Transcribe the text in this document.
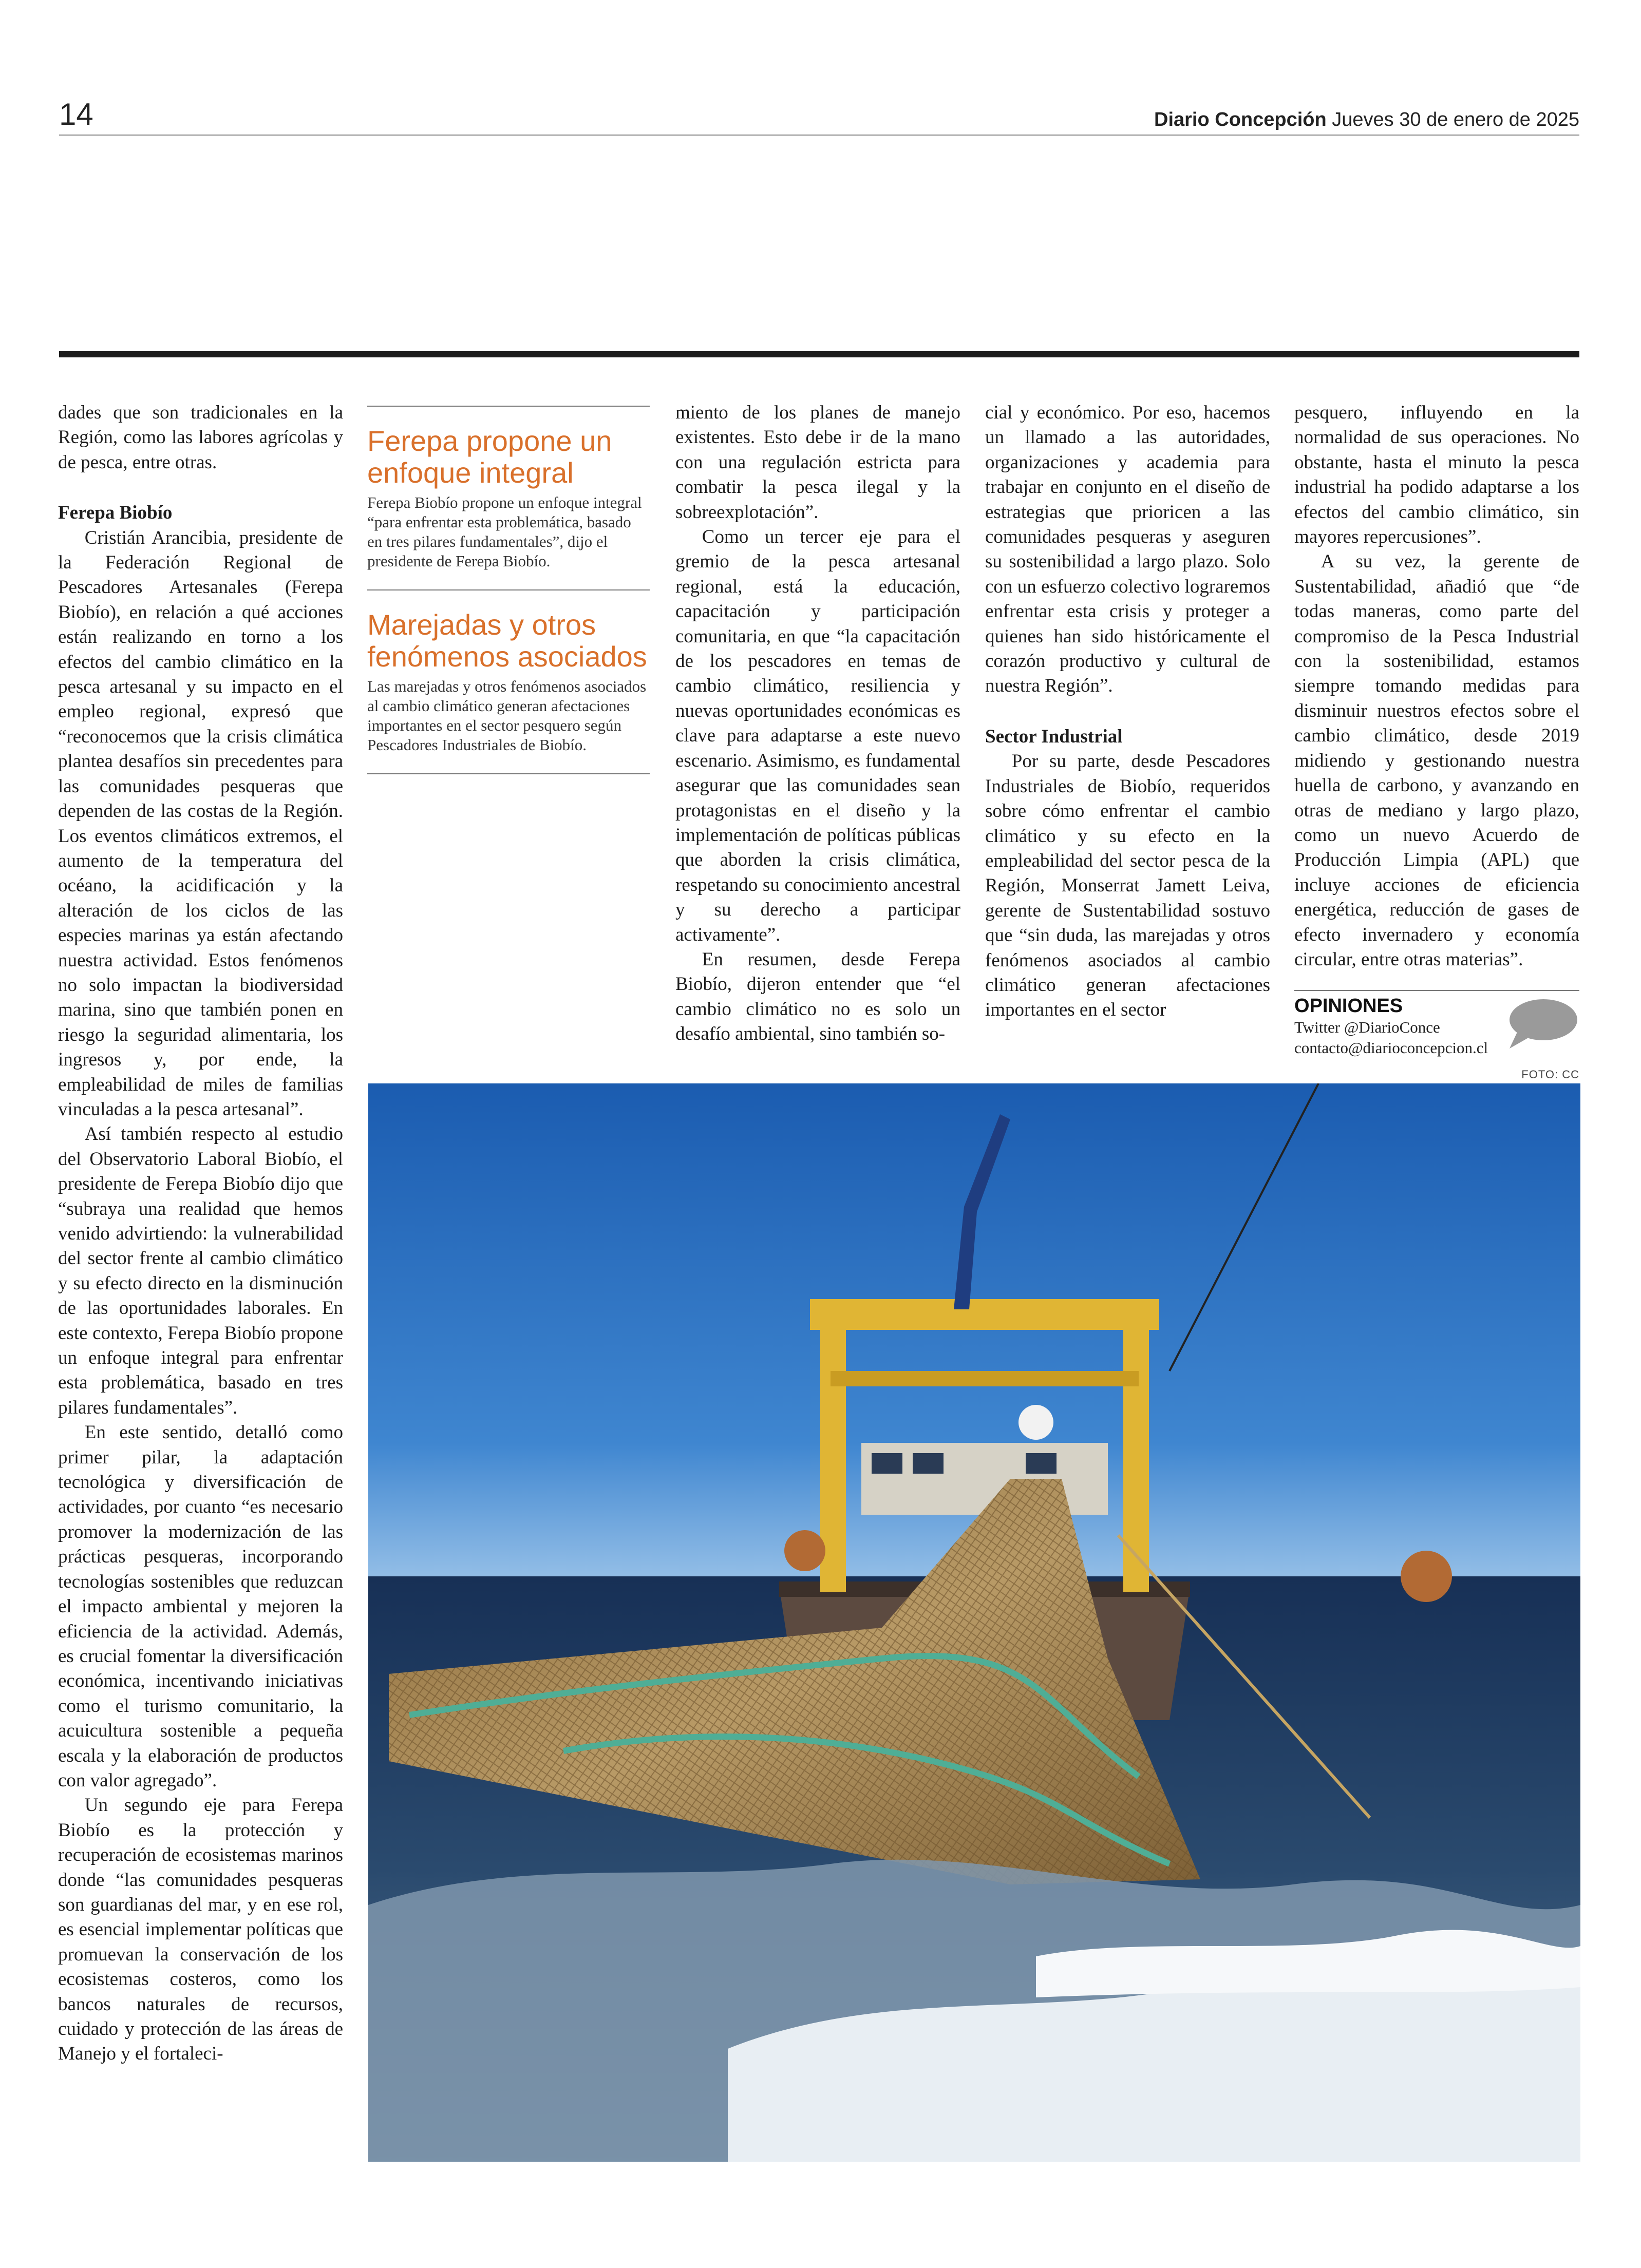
14	Diario Concepción Jueves 30 de enero de 2025

dades que son tradicionales en la Región, como las labores agrícolas y de pesca, entre otras.

Ferepa Biobío

Cristián Arancibia, presidente de la Federación Regional de Pescadores Artesanales (Ferepa Biobío), en relación a qué acciones están realizando en torno a los efectos del cambio climático en la pesca artesanal y su impacto en el empleo regional, expresó que “reconocemos que la crisis climática plantea desafíos sin precedentes para las comunidades pesqueras que dependen de las costas de la Región. Los eventos climáticos extremos, el aumento de la temperatura del océano, la acidificación y la alteración de los ciclos de las especies marinas ya están afectando nuestra actividad. Estos fenómenos no solo impactan la biodiversidad marina, sino que también ponen en riesgo la seguridad alimentaria, los ingresos y, por ende, la empleabilidad de miles de familias vinculadas a la pesca artesanal”.

Así también respecto al estudio del Observatorio Laboral Biobío, el presidente de Ferepa Biobío dijo que “subraya una realidad que hemos venido advirtiendo: la vulnerabilidad del sector frente al cambio climático y su efecto directo en la disminución de las oportunidades laborales. En este contexto, Ferepa Biobío propone un enfoque integral para enfrentar esta problemática, basado en tres pilares fundamentales”.

En este sentido, detalló como primer pilar, la adaptación tecnológica y diversificación de actividades, por cuanto “es necesario promover la modernización de las prácticas pesqueras, incorporando tecnologías sostenibles que reduzcan el impacto ambiental y mejoren la eficiencia de la actividad. Además, es crucial fomentar la diversificación económica, incentivando iniciativas como el turismo comunitario, la acuicultura sostenible a pequeña escala y la elaboración de productos con valor agregado”.

Un segundo eje para Ferepa Biobío es la protección y recuperación de ecosistemas marinos donde “las comunidades pesqueras son guardianas del mar, y en ese rol, es esencial implementar políticas que promuevan la conservación de los ecosistemas costeros, como los bancos naturales de recursos, cuidado y protección de las áreas de Manejo y el fortaleci-

Ferepa propone un enfoque integral
Ferepa Biobío propone un enfoque integral “para enfrentar esta problemática, basado en tres pilares fundamentales”, dijo el presidente de Ferepa Biobío.
Marejadas y otros fenómenos asociados
Las marejadas y otros fenómenos asociados al cambio climático generan afectaciones importantes en el sector pesquero según Pescadores Industriales de Biobío.

miento de los planes de manejo existentes. Esto debe ir de la mano con una regulación estricta para combatir la pesca ilegal y la sobreexplotación”.

Como un tercer eje para el gremio de la pesca artesanal regional, está la educación, capacitación y participación comunitaria, en que “la capacitación de los pescadores en temas de cambio climático, resiliencia y nuevas oportunidades económicas es clave para adaptarse a este nuevo escenario. Asimismo, es fundamental asegurar que las comunidades sean protagonistas en el diseño y la implementación de políticas públicas que aborden la crisis climática, respetando su conocimiento ancestral y su derecho a participar activamente”.

En resumen, desde Ferepa Biobío, dijeron entender que “el cambio climático no es solo un desafío ambiental, sino también so-

cial y económico. Por eso, hacemos un llamado a las autoridades, organizaciones y academia para trabajar en conjunto en el diseño de estrategias que prioricen a las comunidades pesqueras y aseguren su sostenibilidad a largo plazo. Solo con un esfuerzo colectivo lograremos enfrentar esta crisis y proteger a quienes han sido históricamente el corazón productivo y cultural de nuestra Región”.

Sector Industrial

Por su parte, desde Pescadores Industriales de Biobío, requeridos sobre cómo enfrentar el cambio climático y su efecto en la empleabilidad del sector pesca de la Región, Monserrat Jamett Leiva, gerente de Sustentabilidad sostuvo que “sin duda, las marejadas y otros fenómenos asociados al cambio climático generan afectaciones importantes en el sector

pesquero, influyendo en la normalidad de sus operaciones. No obstante, hasta el minuto la pesca industrial ha podido adaptarse a los efectos del cambio climático, sin mayores repercusiones”.

A su vez, la gerente de Sustentabilidad, añadió que “de todas maneras, como parte del compromiso de la Pesca Industrial con la sostenibilidad, estamos siempre tomando medidas para disminuir nuestros efectos sobre el cambio climático, desde 2019 midiendo y gestionando nuestra huella de carbono, y avanzando en otras de mediano y largo plazo, como un nuevo Acuerdo de Producción Limpia (APL) que incluye acciones de eficiencia energética, reducción de gases de efecto invernadero y economía circular, entre otras materias”.

OPINIONES
Twitter @DiarioConce
contacto@diarioconcepcion.cl
FOTO: CC
